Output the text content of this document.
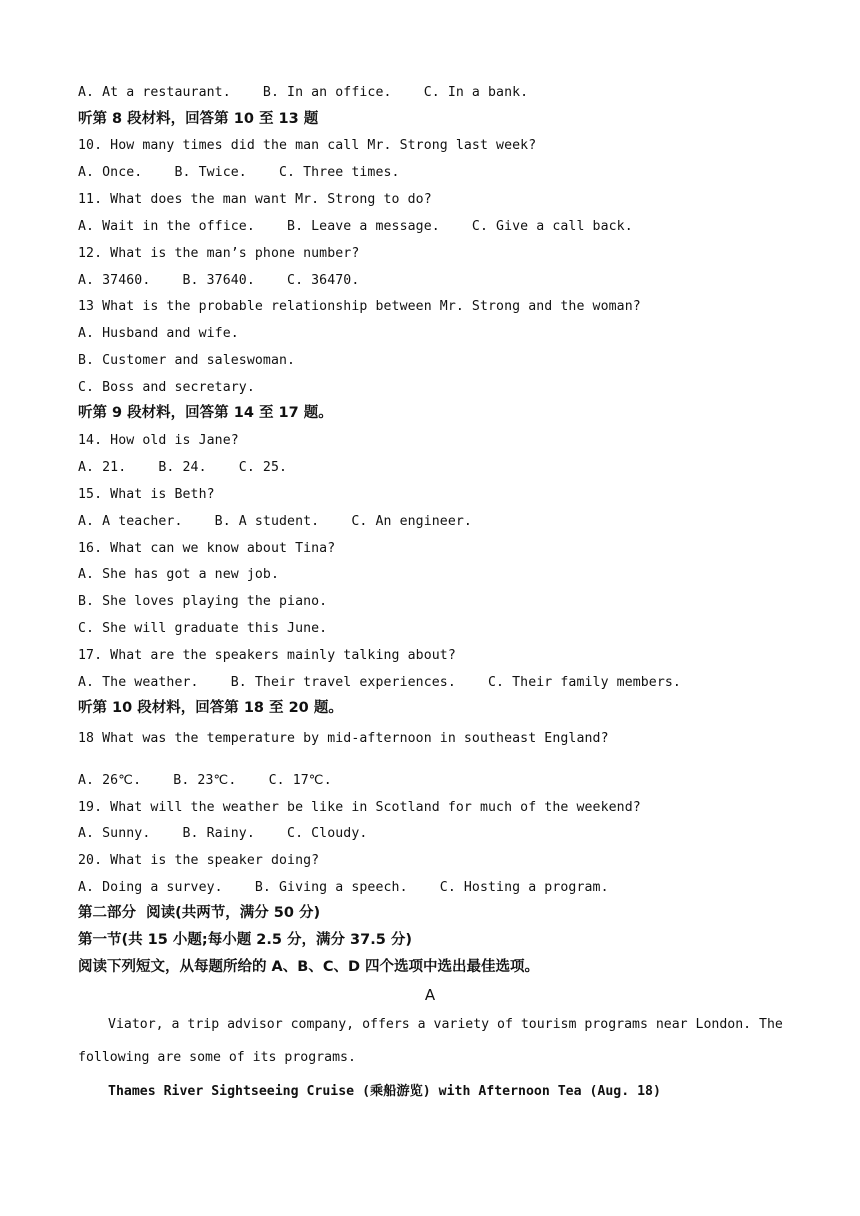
A. At a restaurant.    B. In an office.    C. In a bank.
听第 8 段材料，回答第 10 至 13 题
10. How many times did the man call Mr. Strong last week?
A. Once.    B. Twice.    C. Three times.
11. What does the man want Mr. Strong to do?
A. Wait in the office.    B. Leave a message.    C. Give a call back.
12. What is the man’s phone number?
A. 37460.    B. 37640.    C. 36470.
13 What is the probable relationship between Mr. Strong and the woman?
A. Husband and wife.
B. Customer and saleswoman.
C. Boss and secretary.
听第 9 段材料，回答第 14 至 17 题。
14. How old is Jane?
A. 21.    B. 24.    C. 25.
15. What is Beth?
A. A teacher.    B. A student.    C. An engineer.
16. What can we know about Tina?
A. She has got a new job.
B. She loves playing the piano.
C. She will graduate this June.
17. What are the speakers mainly talking about?
A. The weather.    B. Their travel experiences.    C. Their family members.
听第 10 段材料，回答第 18 至 20 题。
18 What was the temperature by mid-afternoon in southeast England?
A. 26℃.    B. 23℃.    C. 17℃.
19. What will the weather be like in Scotland for much of the weekend?
A. Sunny.    B. Rainy.    C. Cloudy.
20. What is the speaker doing?
A. Doing a survey.    B. Giving a speech.    C. Hosting a program.
第二部分  阅读(共两节，满分 50 分)
第一节(共 15 小题;每小题 2.5 分，满分 37.5 分)
阅读下列短文，从每题所给的 A、B、C、D 四个选项中选出最佳选项。
A
Viator, a trip advisor company, offers a variety of tourism programs near London. The
following are some of its programs.
Thames River Sightseeing Cruise (乘船游览) with Afternoon Tea (Aug. 18)
